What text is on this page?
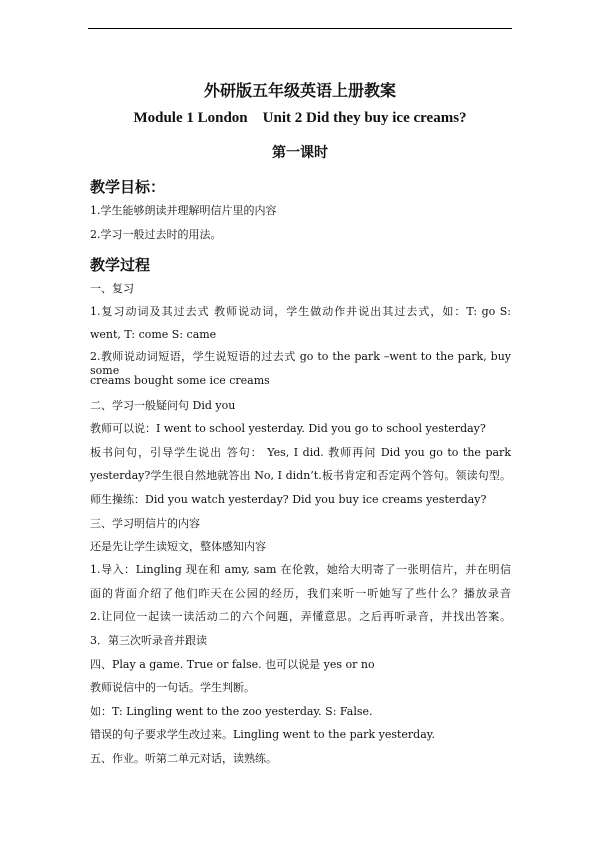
外研版五年级英语上册教案
Module 1 London    Unit 2 Did they buy ice creams?
第一课时
教学目标：
1.学生能够朗读并理解明信片里的内容
2.学习一般过去时的用法。
教学过程
一、复习
1.复习动词及其过去式 教师说动词，学生做动作并说出其过去式，如：T: go S:
went, T: come S: came
2.教师说动词短语，学生说短语的过去式 go to the park –went to the park, buy some
creams bought some ice creams
二、学习一般疑问句 Did you
教师可以说：I went to school yesterday. Did you go to school yesterday?
板书问句，引导学生说出 答句： Yes, I did. 教师再问 Did you go to the park
yesterday?学生很自然地就答出 No, I didn’t.板书肯定和否定两个答句。领读句型。
师生操练：Did you watch yesterday? Did you buy ice creams yesterday?
三、学习明信片的内容
还是先让学生读短文，整体感知内容
1.导入：Lingling 现在和 amy, sam 在伦敦，她给大明寄了一张明信片，并在明信
面的背面介绍了他们昨天在公园的经历，我们来听一听她写了些什么？播放录音
2.让同位一起读一读活动二的六个问题，弄懂意思。之后再听录音，并找出答案。
3．第三次听录音并跟读
四、Play a game. True or false. 也可以说是 yes or no
教师说信中的一句话。学生判断。
如：T: Lingling went to the zoo yesterday. S: False.
错误的句子要求学生改过来。Lingling went to the park yesterday.
五、作业。听第二单元对话，读熟练。
